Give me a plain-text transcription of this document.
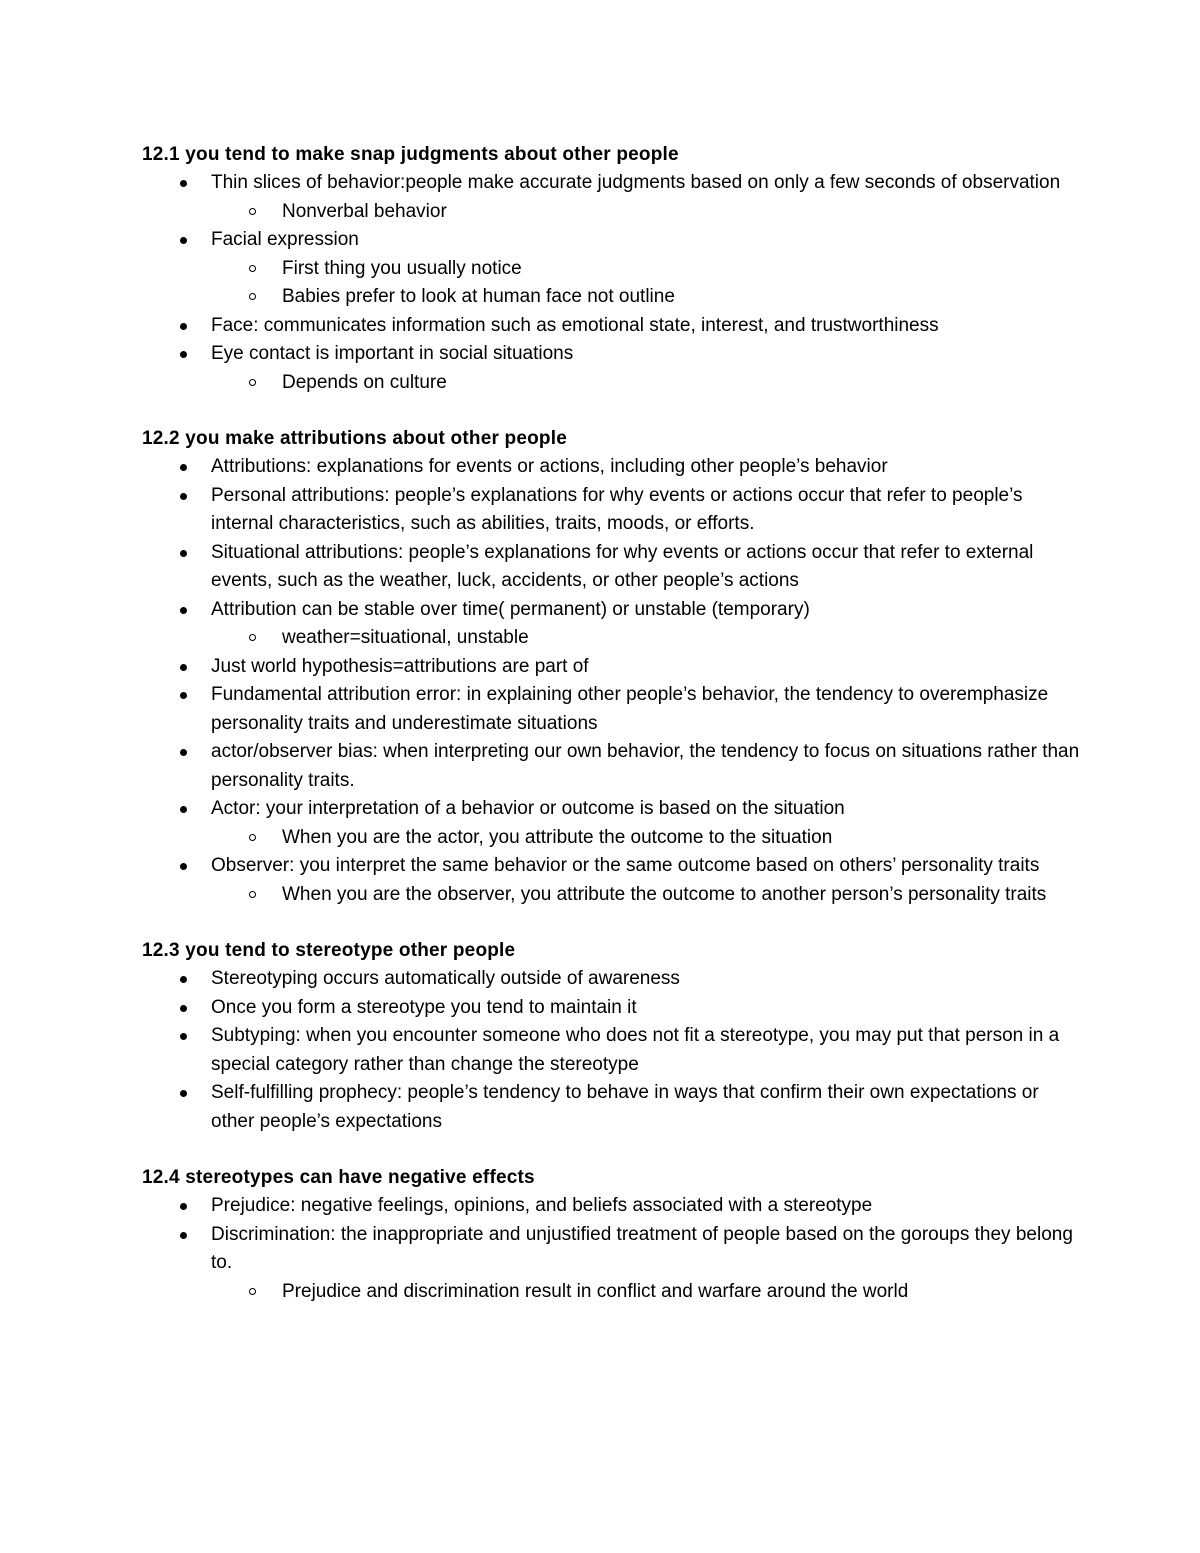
12.1 you tend to make snap judgments about other people
Thin slices of behavior:people make accurate judgments based on only a few seconds of observation
Nonverbal behavior
Facial expression
First thing you usually notice
Babies prefer to look at human face not outline
Face: communicates information such as emotional state, interest, and trustworthiness
Eye contact is important in social situations
Depends on culture
12.2 you make attributions about other people
Attributions: explanations for events or actions, including other people’s behavior
Personal attributions: people’s explanations for why events or actions occur that refer to people’s internal characteristics, such as abilities, traits, moods, or efforts.
Situational attributions: people’s explanations for why events or actions occur that refer to external events, such as the weather, luck, accidents, or other people’s actions
Attribution can be stable over time( permanent) or unstable (temporary)
weather=situational, unstable
Just world hypothesis=attributions are part of
Fundamental attribution error: in explaining other people’s behavior, the tendency to overemphasize personality traits and underestimate situations
actor/observer bias: when interpreting our own behavior, the tendency to focus on situations rather than personality traits.
Actor: your interpretation of a behavior or outcome is based on the situation
When you are the actor, you attribute the outcome to the situation
Observer: you interpret the same behavior or the same outcome based on others’ personality traits
When you are the observer, you attribute the outcome to another person’s personality traits
12.3 you tend to stereotype other people
Stereotyping occurs automatically outside of awareness
Once you form a stereotype you tend to maintain it
Subtyping: when you encounter someone who does not fit a stereotype, you may put that person in a special category rather than change the stereotype
Self-fulfilling prophecy: people’s tendency to behave in ways that confirm their own expectations or other people’s expectations
12.4 stereotypes can have negative effects
Prejudice: negative feelings, opinions, and beliefs associated with a stereotype
Discrimination: the inappropriate and unjustified treatment of people based on the goroups they belong to.
Prejudice and discrimination result in conflict and warfare around the world
